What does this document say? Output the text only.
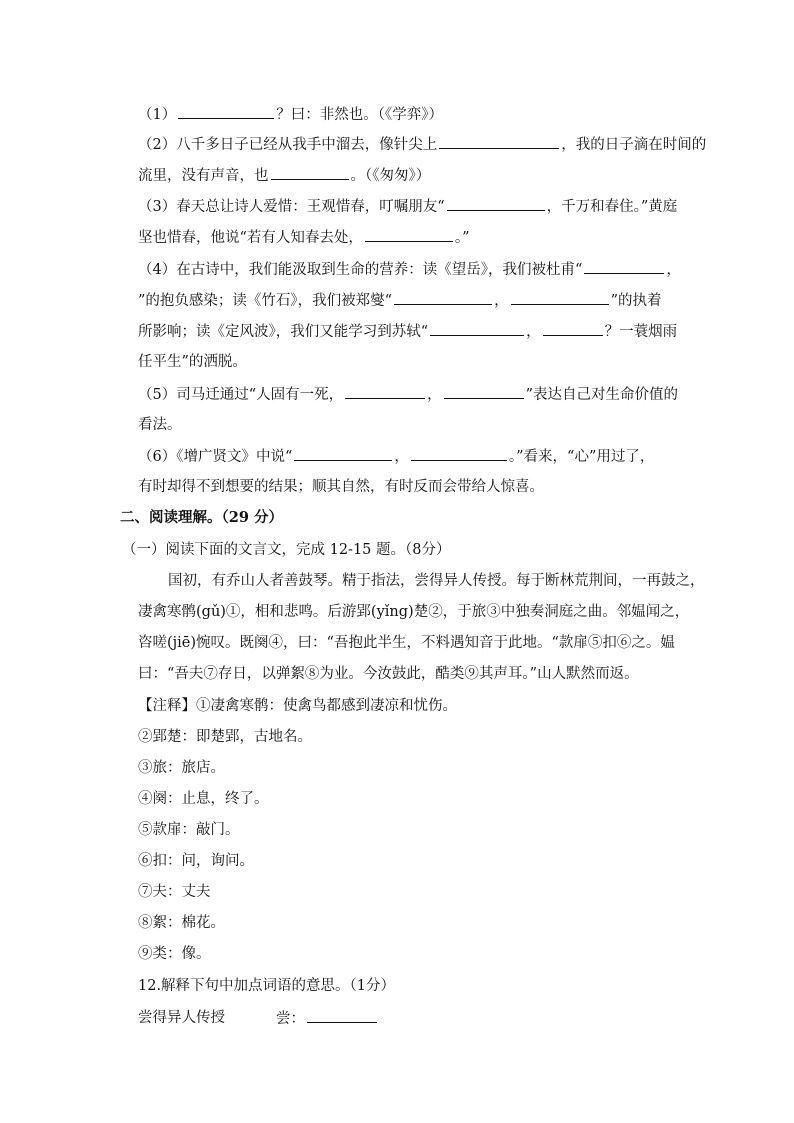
（1）	？曰：非然也。（《学弈》）
（2）八千多日子已经从我手中溜去，像针尖上	，我的日子滴在时间的
流里，没有声音，也	。（《匆匆》）
（3）春天总让诗人爱惜：王观惜春，叮嘱朋友“	，千万和春住。”黄庭
坚也惜春，他说“若有人知春去处，	。”
（4）在古诗中，我们能汲取到生命的营养：读《望岳》，我们被杜甫“	，
”的抱负感染；读《竹石》，我们被郑燮“	，	”的执着
所影响；读《定风波》，我们又能学习到苏轼“	，	？一蓑烟雨
任平生”的洒脱。
（5）司马迁通过“人固有一死，	，	”表达自己对生命价值的
看法。
（6）《增广贤文》中说“	，	。”看来，“心”用过了，
有时却得不到想要的结果；顺其自然，有时反而会带给人惊喜。
二、阅读理解。（29 分）
（一）阅读下面的文言文，完成 12-15 题。（8分）
国初，有乔山人者善鼓琴。精于指法，尝得异人传授。每于断林荒荆间，一再鼓之，
凄禽寒鹘(gǔ)①，相和悲鸣。后游郢(yǐng)楚②，于旅③中独奏洞庭之曲。邻媪闻之，
咨嗟(jiē)惋叹。既阕④，曰：“吾抱此半生，不料遇知音于此地。“款扉⑤扣⑥之。媪
曰：“吾夫⑦存日，以弹絮⑧为业。今汝鼓此，酷类⑨其声耳。”山人默然而返。
【注释】①凄禽寒鹘：使禽鸟都感到凄凉和忧伤。
②郢楚：即楚郢，古地名。
③旅：旅店。
④阕：止息，终了。
⑤款扉：敲门。
⑥扣：问，询问。
⑦夫：丈夫
⑧絮：棉花。
⑨类：像。
12.解释下句中加点词语的意思。（1分）
尝得异人传授	尝：
